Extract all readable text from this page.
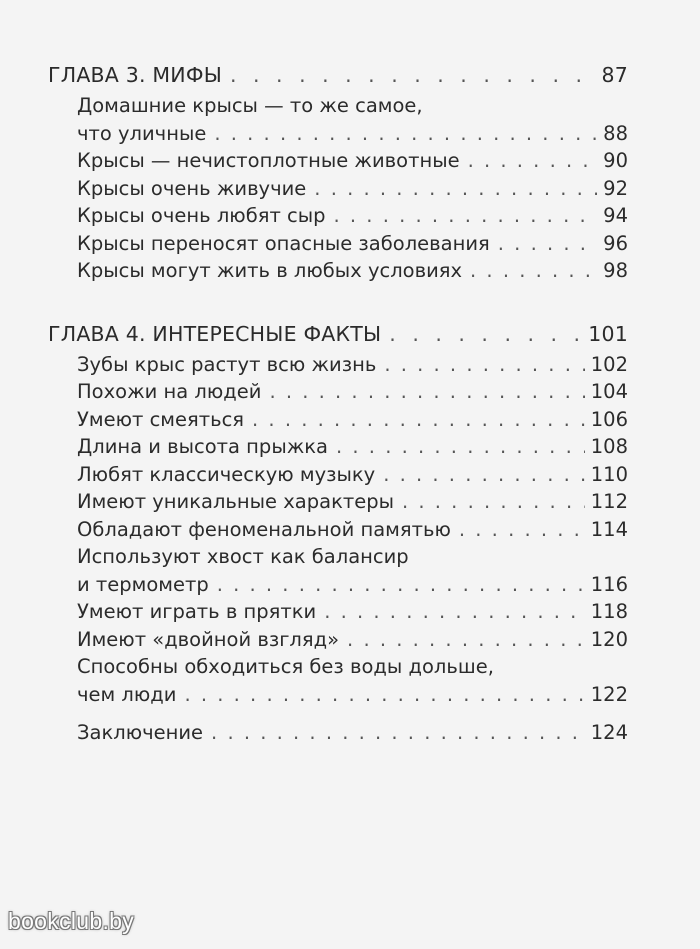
ГЛАВА 3. МИФЫ . . .	87
Домашние крысы — то же самое,
что уличные . . .	88
Крысы — нечистоплотные животные . . .	90
Крысы очень живучие . . .	92
Крысы очень любят сыр . . .	94
Крысы переносят опасные заболевания . . .	96
Крысы могут жить в любых условиях . . .	98
ГЛАВА 4. ИНТЕРЕСНЫЕ ФАКТЫ . . .	101
Зубы крыс растут всю жизнь . . .	102
Похожи на людей . . .	104
Умеют смеяться . . .	106
Длина и высота прыжка . . .	108
Любят классическую музыку . . .	110
Имеют уникальные характеры . . .	112
Обладают феноменальной памятью . . .	114
Используют хвост как балансир
и термометр . . .	116
Умеют играть в прятки . . .	118
Имеют «двойной взгляд» . . .	120
Способны обходиться без воды дольше,
чем люди . . .	122
Заключение . . .	124
bookclub.by
